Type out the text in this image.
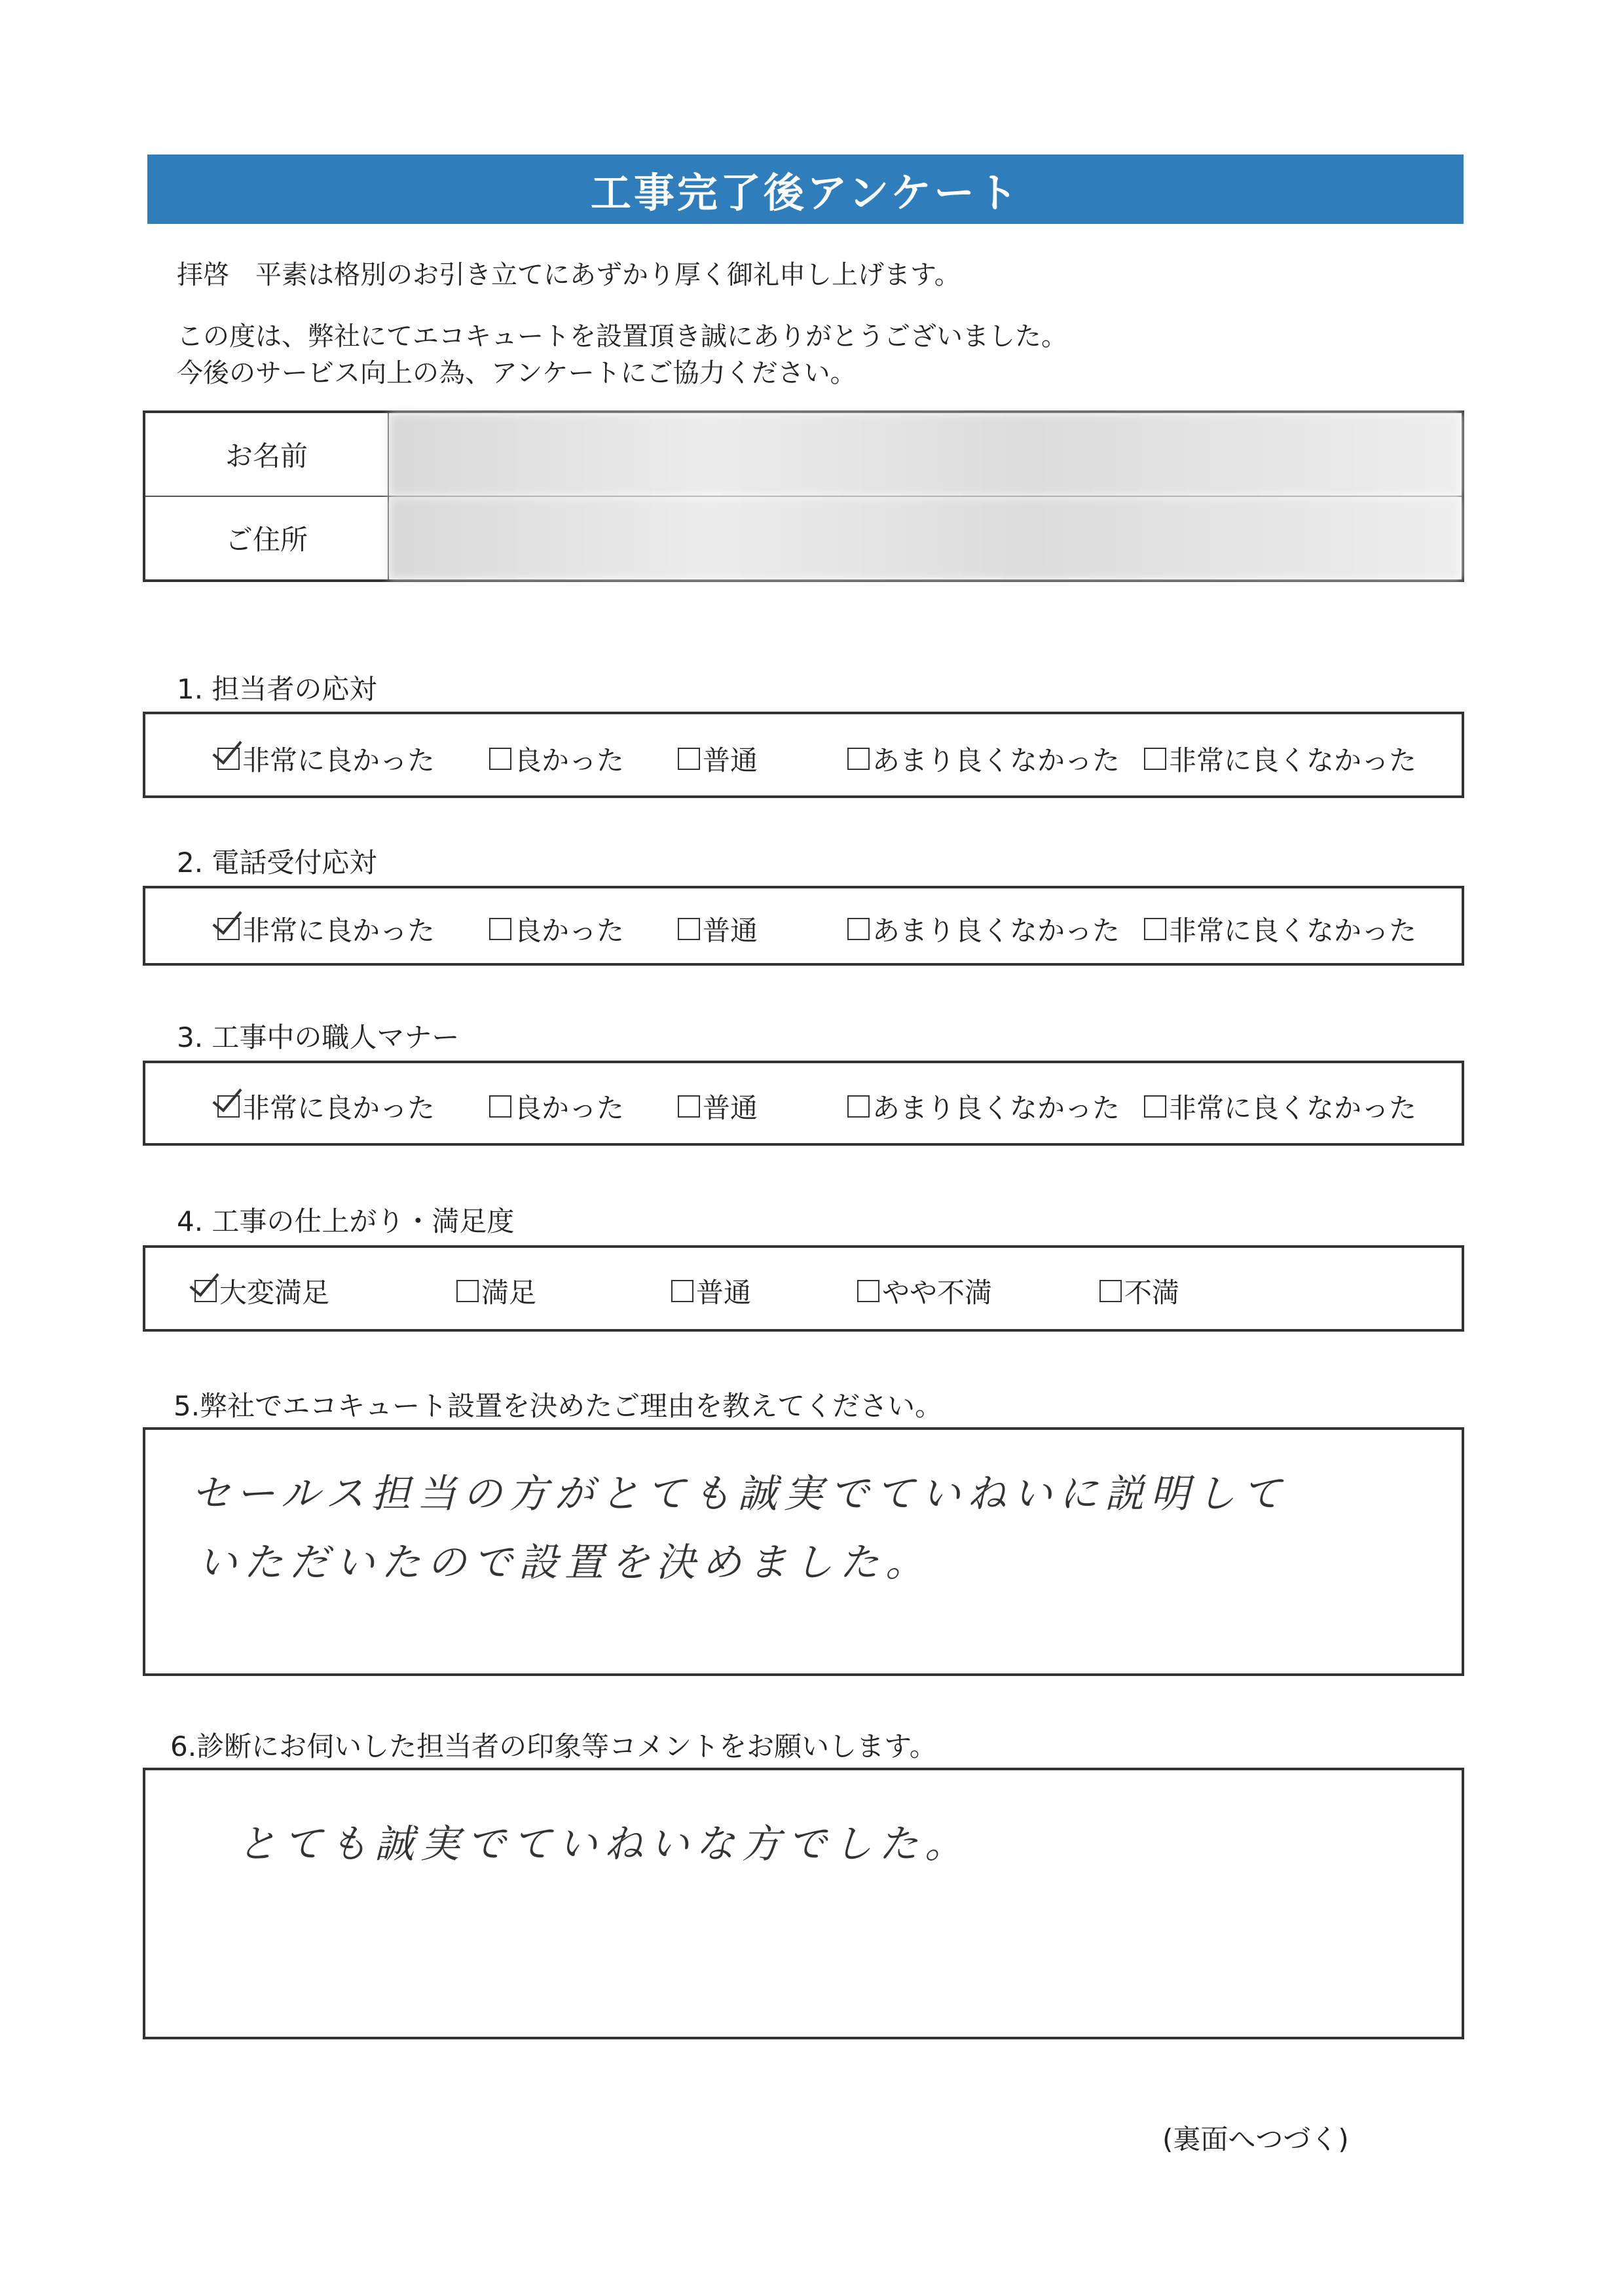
工事完了後アンケート
拝啓　平素は格別のお引き立てにあずかり厚く御礼申し上げます。
この度は、弊社にてエコキュートを設置頂き誠にありがとうございました。
今後のサービス向上の為、アンケートにご協力ください。
お名前
ご住所
1. 担当者の応対
非常に良かった	良かった	普通	あまり良くなかった 非常に良くなかった
2. 電話受付応対
非常に良かった	良かった	普通	あまり良くなかった 非常に良くなかった
3. 工事中の職人マナー
非常に良かった	良かった	普通	あまり良くなかった 非常に良くなかった
4. 工事の仕上がり・満足度
大変満足	満足	普通	やや不満	不満
5.弊社でエコキュート設置を決めたご理由を教えてください。
セールス担当の方がとても誠実でていねいに説明して
いただいたので設置を決めました。
6.診断にお伺いした担当者の印象等コメントをお願いします。
とても誠実でていねいな方でした。
(裏面へつづく)
